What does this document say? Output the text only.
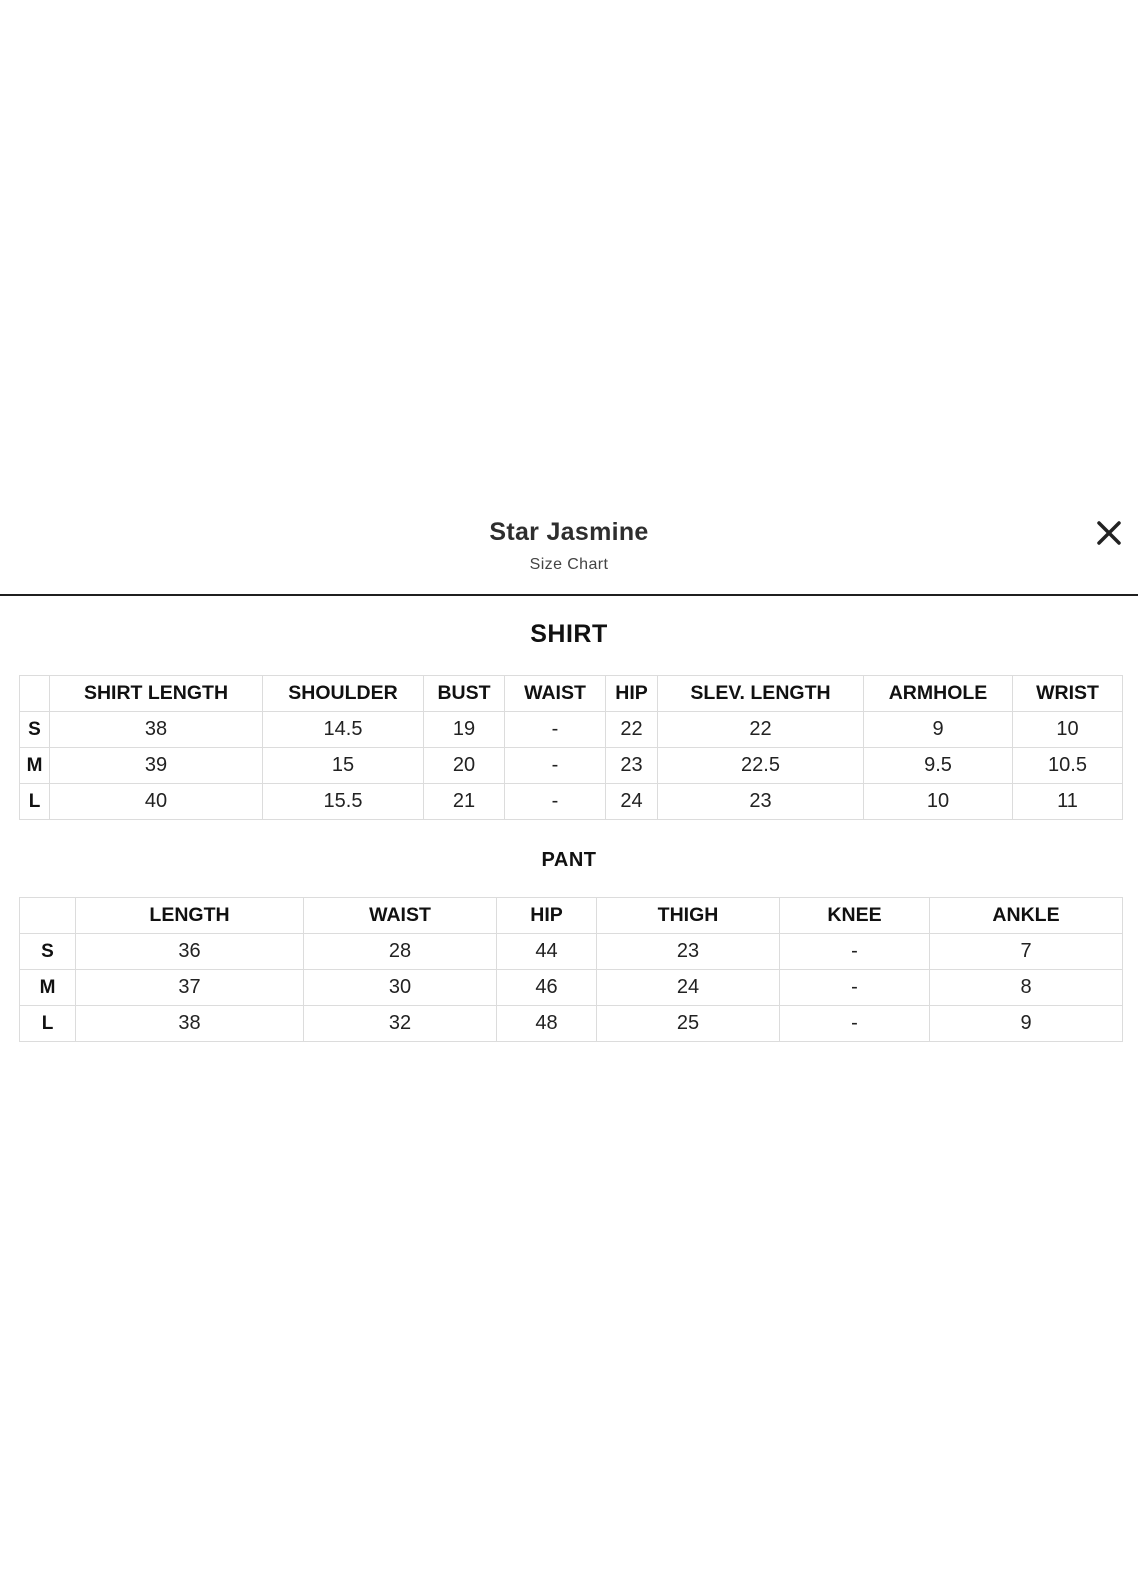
Star Jasmine
Size Chart
SHIRT
	SHIRT LENGTH	SHOULDER	BUST	WAIST	HIP	SLEV. LENGTH	ARMHOLE	WRIST
S	38	14.5	19	-	22	22	9	10
M	39	15	20	-	23	22.5	9.5	10.5
L	40	15.5	21	-	24	23	10	11
PANT
	LENGTH	WAIST	HIP	THIGH	KNEE	ANKLE
S	36	28	44	23	-	7
M	37	30	46	24	-	8
L	38	32	48	25	-	9
